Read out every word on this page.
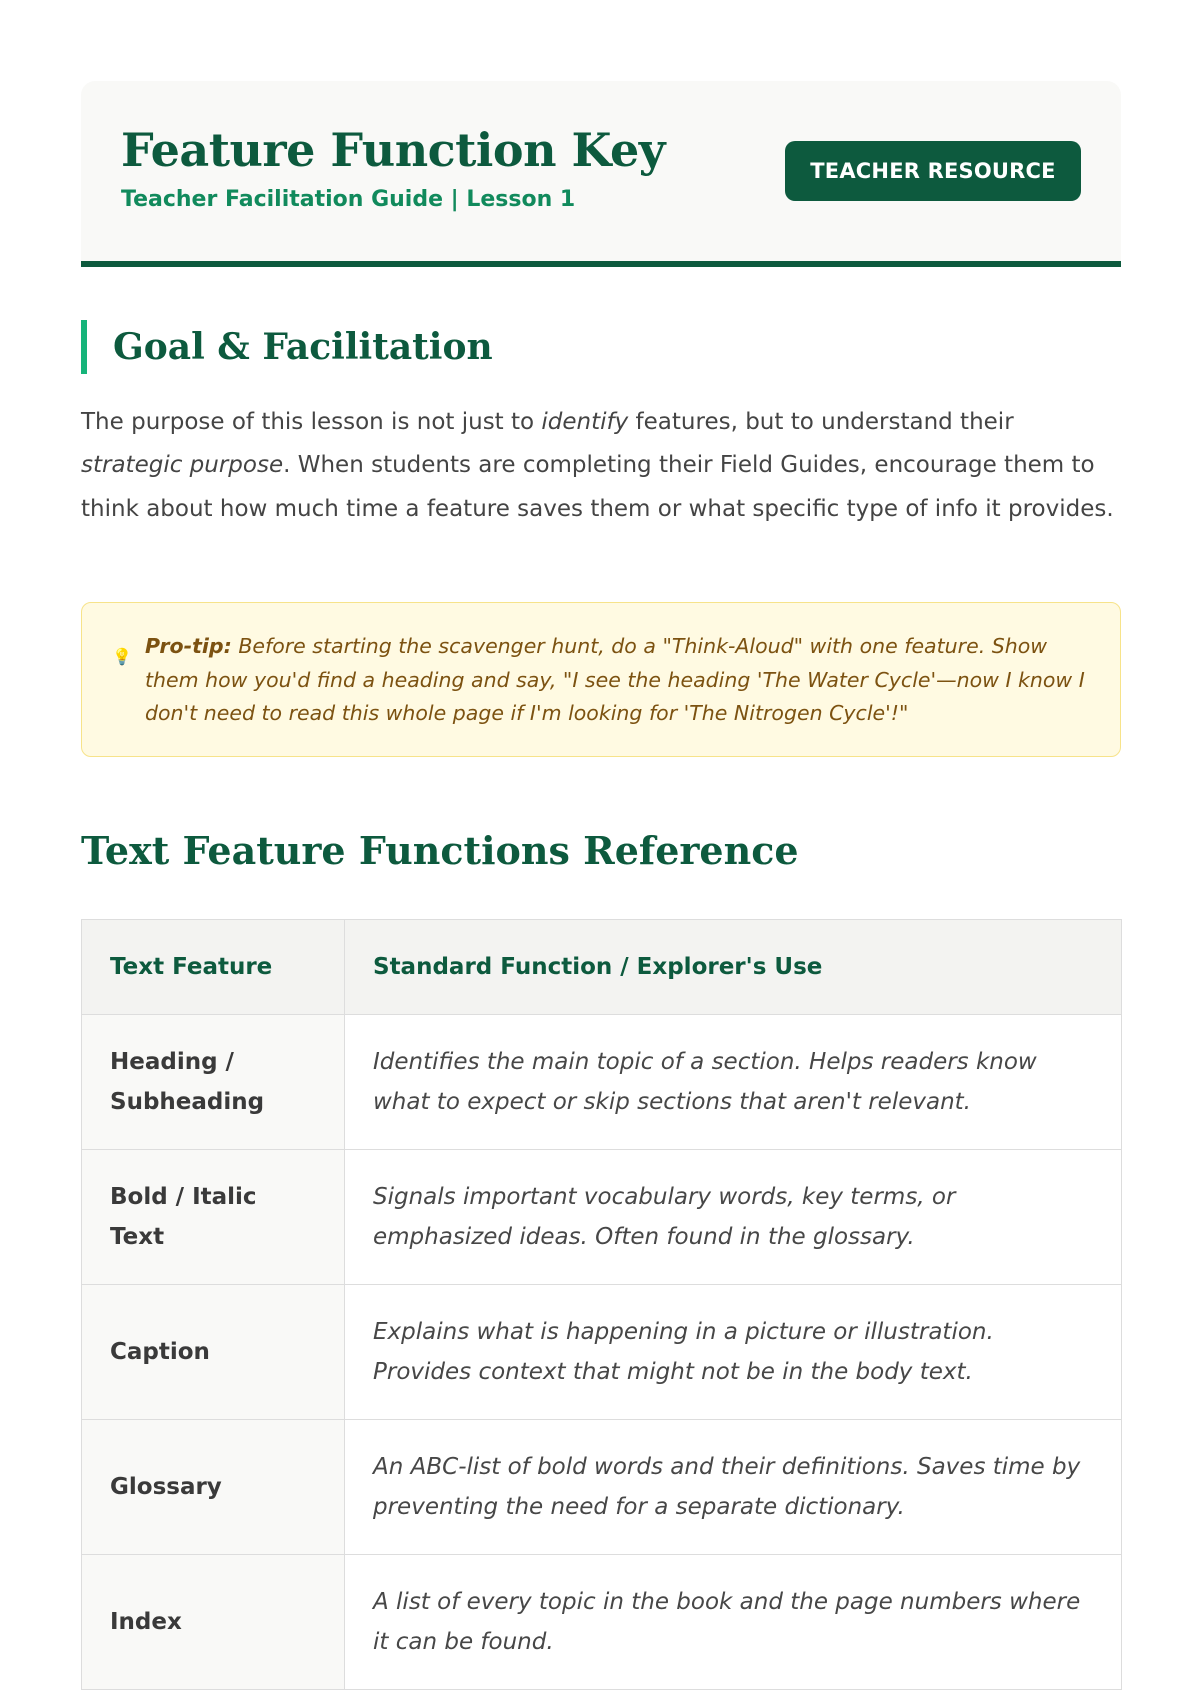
Feature Function Key
Teacher Facilitation Guide | Lesson 1
TEACHER RESOURCE
Goal & Facilitation

The purpose of this lesson is not just to identify features, but to understand their strategic purpose. When students are completing their Field Guides, encourage them to think about how much time a feature saves them or what specific type of info it provides.

💡 Pro-tip: Before starting the scavenger hunt, do a "Think-Aloud" with one feature. Show them how you'd find a heading and say, "I see the heading 'The Water Cycle'—now I know I don't need to read this whole page if I'm looking for 'The Nitrogen Cycle'!"

Text Feature Functions Reference
Text Feature	Standard Function / Explorer's Use
Heading / Subheading	Identifies the main topic of a section. Helps readers know what to expect or skip sections that aren't relevant.
Bold / Italic Text	Signals important vocabulary words, key terms, or emphasized ideas. Often found in the glossary.
Caption	Explains what is happening in a picture or illustration. Provides context that might not be in the body text.
Glossary	An ABC-list of bold words and their definitions. Saves time by preventing the need for a separate dictionary.
Index	A list of every topic in the book and the page numbers where it can be found.
